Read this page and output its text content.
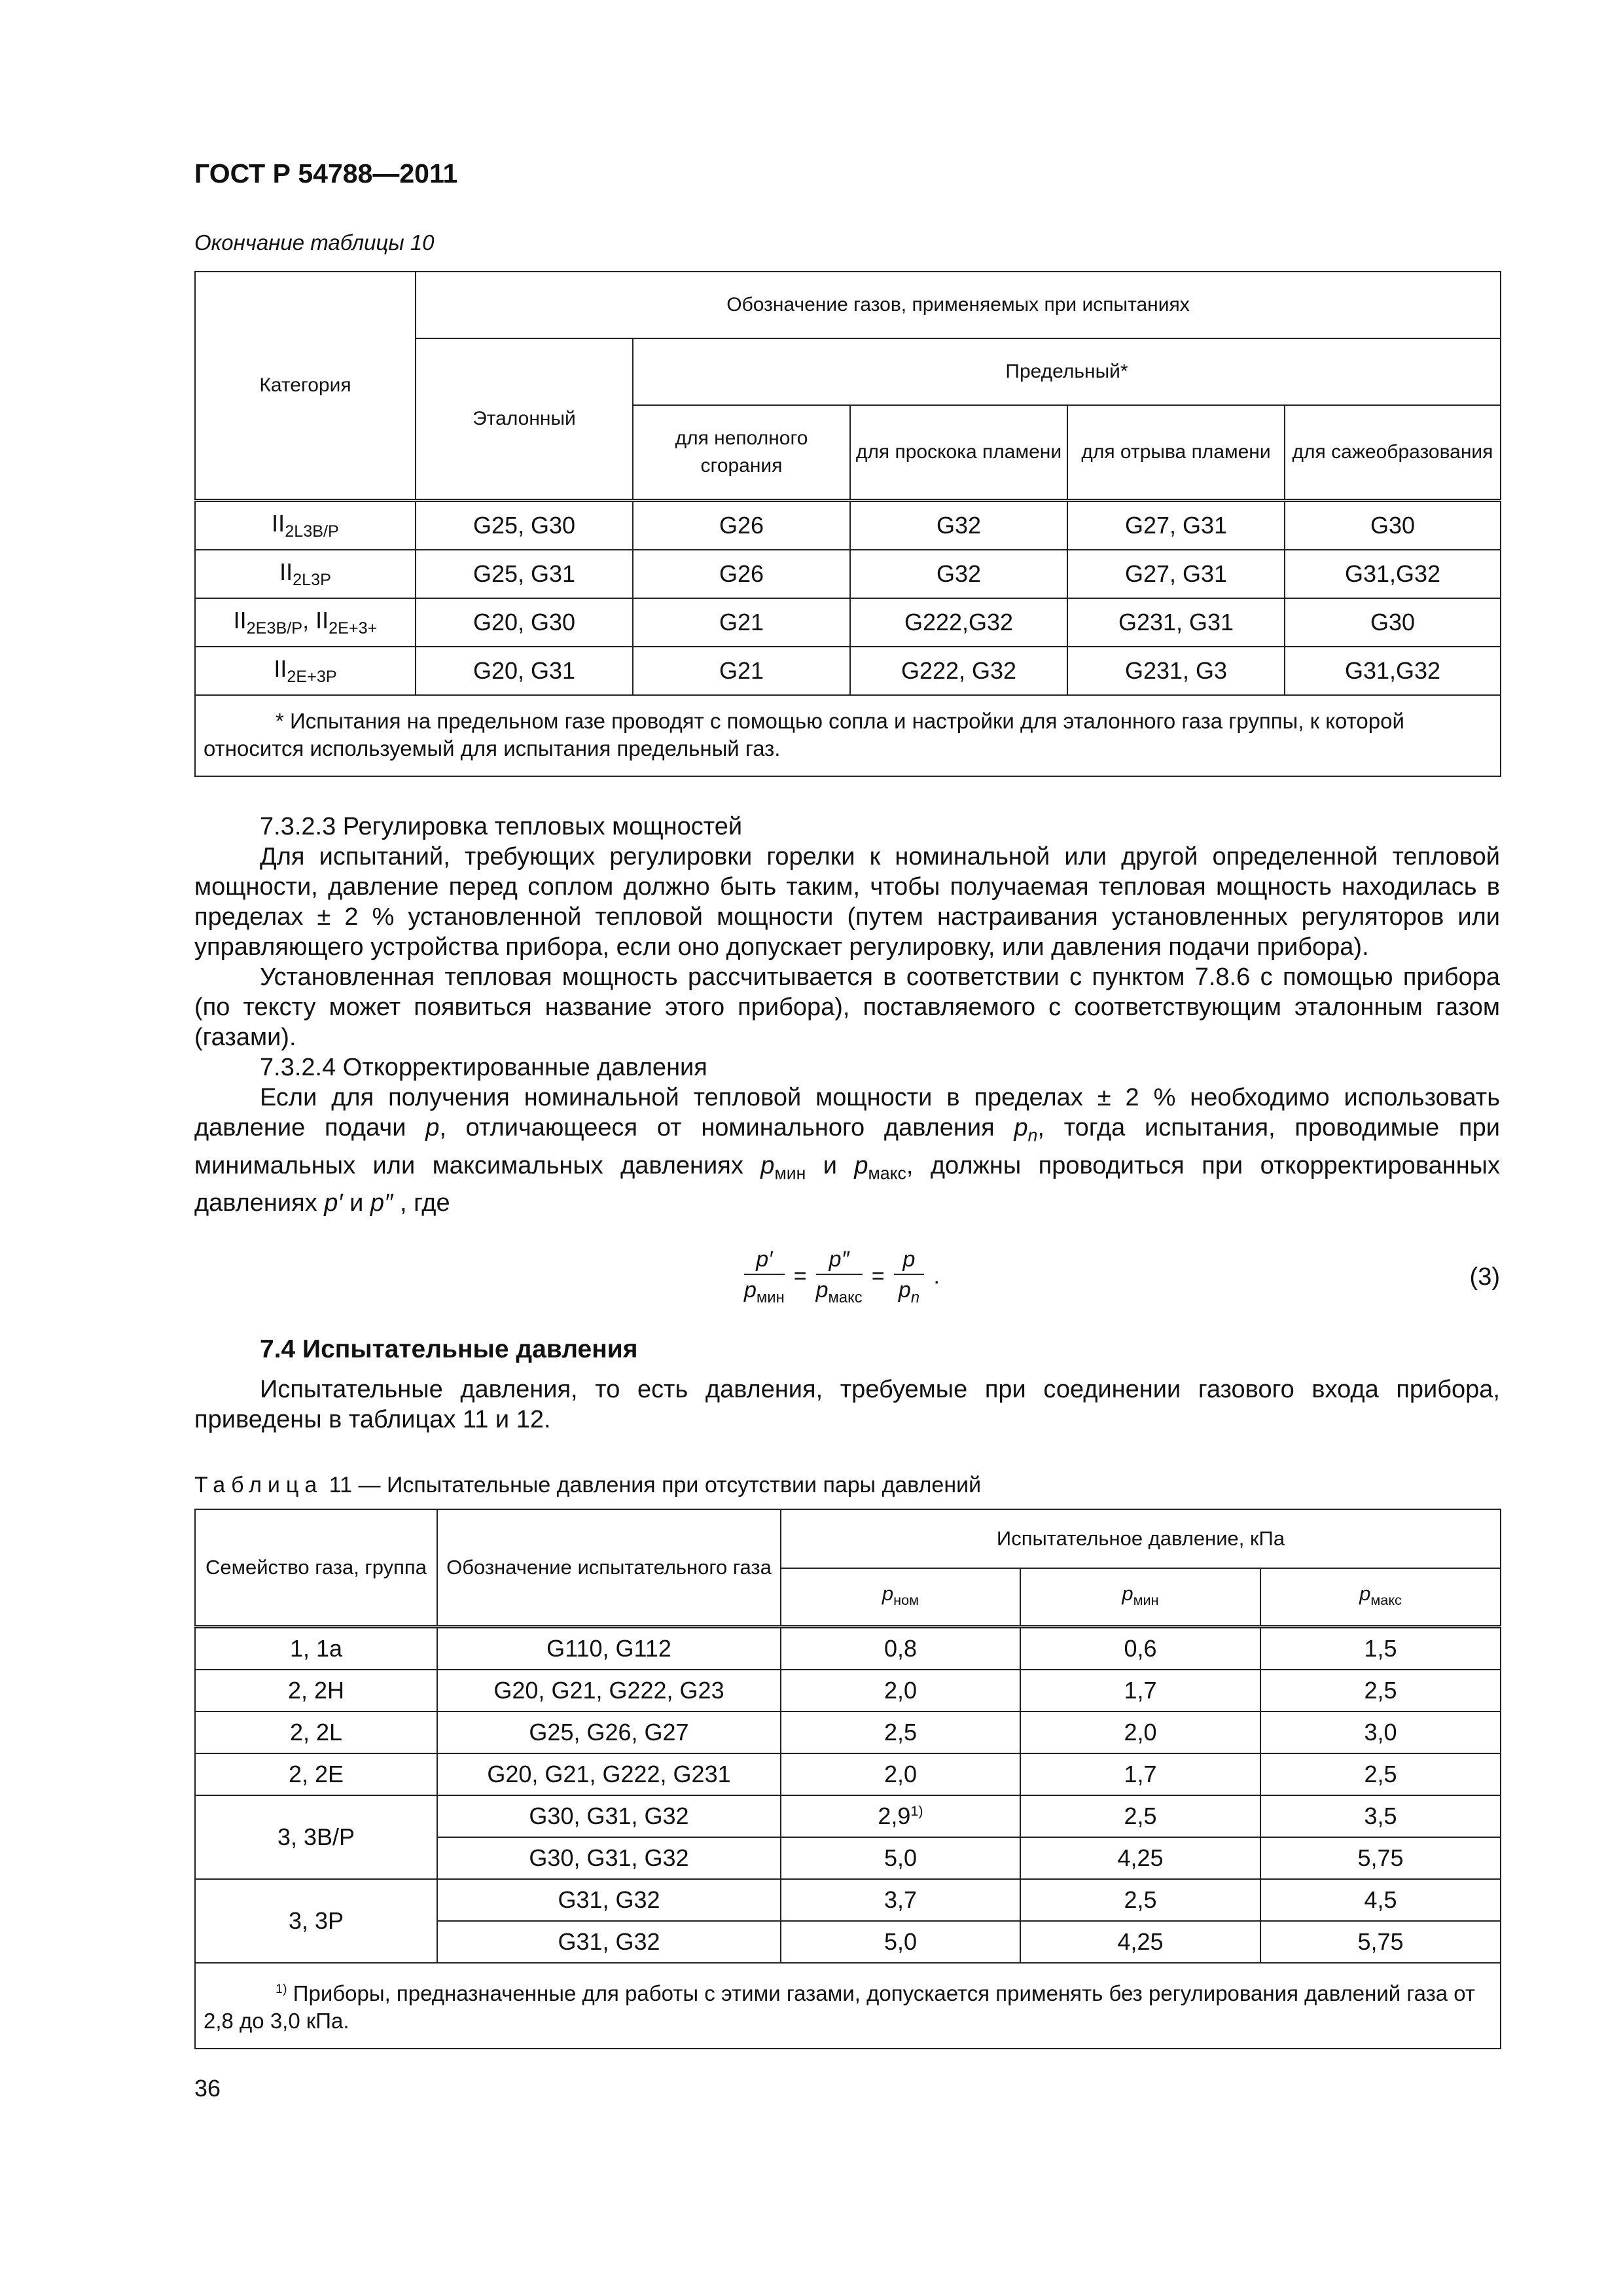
ГОСТ Р 54788—2011
Окончание таблицы 10
Категория	Обозначение газов, применяемых при испытаниях				
	Эталонный	Предельный*			
		для неполного сгорания	для проскока пламени	для отрыва пламени	для сажеобразования
$II_{2L3B/P}$	G25, G30	G26	G32	G27, G31	G30
$II_{2L3P}$	G25, G31	G26	G32	G27, G31	G31,G32
$II_{2E3B/P}$, $II_{2E+3+}$	G20, G30	G21	G222,G32	G231, G31	G30
$II_{2E+3P}$	G20, G31	G21	G222, G32	G231, G3	G31,G32
* Испытания на предельном газе проводят с помощью сопла и настройки для эталонного газа группы, к которой относится используемый для испытания предельный газ.					

7.3.2.3 Регулировка тепловых мощностей

Для испытаний, требующих регулировки горелки к номинальной или другой определенной тепловой мощности, давление перед соплом должно быть таким, чтобы получаемая тепловая мощность находилась в пределах ± 2 % установленной тепловой мощности (путем настраивания установленных регуляторов или управляющего устройства прибора, если оно допускает регулировку, или давления подачи прибора).

Установленная тепловая мощность рассчитывается в соответствии с пунктом 7.8.6 с помощью прибора (по тексту может появиться название этого прибора), поставляемого с соответствующим эталонным газом (газами).

7.3.2.4 Откорректированные давления

Если для получения номинальной тепловой мощности в пределах ± 2 % необходимо использовать давление подачи p, отличающееся от номинального давления $p_n$, тогда испытания, проводимые при минимальных или максимальных давлениях $p_{мин}$ и $p_{макс}$, должны проводиться при откорректированных давлениях p′ и p″ , где

$\frac{p'}{p_{мин}} = \frac{p''}{p_{макс}} = \frac{p}{p_n}$ .	(3)
7.4 Испытательные давления

Испытательные давления, то есть давления, требуемые при соединении газового входа прибора, приведены в таблицах 11 и 12.

Таблица 11 — Испытательные давления при отсутствии пары давлений
Семейство газа, группа	Обозначение испытательного газа	Испытательное давление, кПа		
		$p_{ном}$	$p_{мин}$	$p_{макс}$
1, 1a	G110, G112	0,8	0,6	1,5
2, 2H	G20, G21, G222, G23	2,0	1,7	2,5
2, 2L	G25, G26, G27	2,5	2,0	3,0
2, 2E	G20, G21, G222, G231	2,0	1,7	2,5
3, 3B/P	G30, G31, G32	2,9$^{1)}$	2,5	3,5
	G30, G31, G32	5,0	4,25	5,75
3, 3P	G31, G32	3,7	2,5	4,5
	G31, G32	5,0	4,25	5,75
$^{1)}$ Приборы, предназначенные для работы с этими газами, допускается применять без регулирования давлений газа от 2,8 до 3,0 кПа.				
36
